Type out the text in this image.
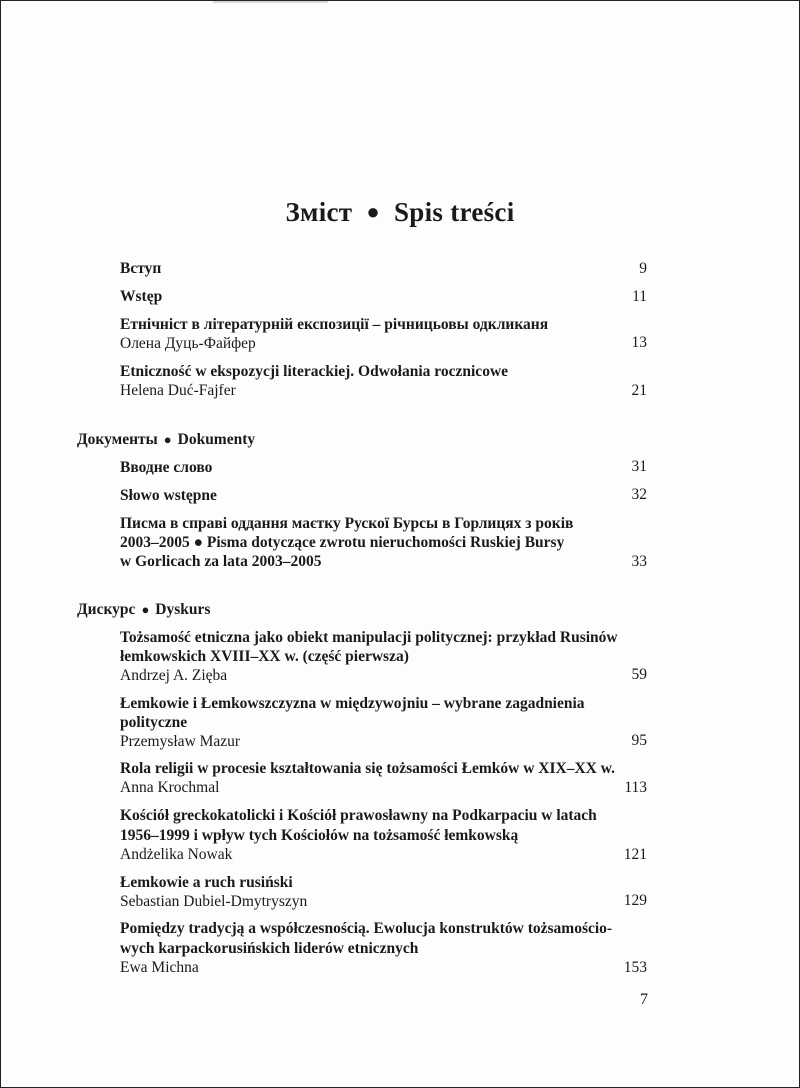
Зміст ● Spis treści
Вступ	9
Wstęp	11
Етнічніст в літературній експозиції – річницьовы одкликаня
Олена Дуць-Файфер	13
Etniczność w ekspozycji literackiej. Odwołania rocznicowe
Helena Duć-Fajfer	21
Документы ● Dokumenty
Вводне слово	31
Słowo wstępne	32
Писма в справі оддання маєтку Рускої Бурсы в Горлицях з років
2003–2005 ● Pisma dotyczące zwrotu nieruchomości Ruskiej Bursy
w Gorlicach za lata 2003–2005	33
Дискурс ● Dyskurs
Tożsamość etniczna jako obiekt manipulacji politycznej: przykład Rusinów
łemkowskich XVIII–XX w. (część pierwsza)
Andrzej A. Zięba	59
Łemkowie i Łemkowszczyzna w międzywojniu – wybrane zagadnienia
polityczne
Przemysław Mazur	95
Rola religii w procesie kształtowania się tożsamości Łemków w XIX–XX w.
Anna Krochmal	113
Kościół greckokatolicki i Kościół prawosławny na Podkarpaciu w latach
1956–1999 i wpływ tych Kościołów na tożsamość łemkowską
Andżelika Nowak	121
Łemkowie a ruch rusiński
Sebastian Dubiel-Dmytryszyn	129
Pomiędzy tradycją a współczesnością. Ewolucja konstruktów tożsamościo-
wych karpackorusińskich liderów etnicznych
Ewa Michna	153
7
